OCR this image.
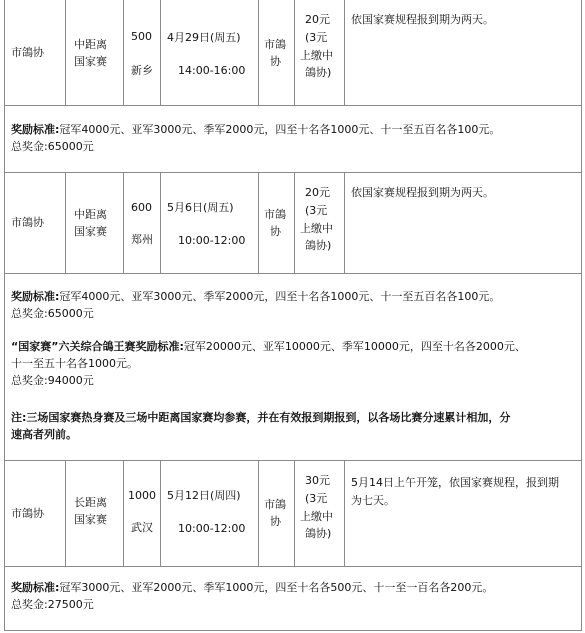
市鴿协
中距离
国家赛
500
新乡
4月29日(周五)
14:00-16:00
市鴿
协
20元
(3元
上缴中
鴿协)
依国家赛规程报到期为两天。
奖励标准:冠军4000元、亚军3000元、季军2000元，四至十名各1000元、十一至五百名各100元。
总奖金:65000元
市鴿协
中距离
国家赛
600
郑州
5月6日(周五)
10:00-12:00
市鴿
协
20元
(3元
上缴中
鴿协)
依国家赛规程报到期为两天。
奖励标准:冠军4000元、亚军3000元、季军2000元，四至十名各1000元、十一至五百名各100元。
总奖金:65000元
“国家赛”六关综合鴿王赛奖励标准:冠军20000元、亚军10000元、季军10000元，四至十名各2000元、
十一至五十名各1000元。
总奖金:94000元
注:三场国家赛热身赛及三场中距离国家赛均参赛，并在有效报到期报到，以各场比赛分速累计相加，分
速高者列前。
市鴿协
长距离
国家赛
1000
武汉
5月12日(周四)
10:00-12:00
市鴿
协
30元
(3元
上缴中
鴿协)
5月14日上午开笼，依国家赛规程，报到期
为七天。
奖励标准:冠军3000元、亚军2000元、季军1000元，四至十名各500元、十一至一百名各200元。
总奖金:27500元
